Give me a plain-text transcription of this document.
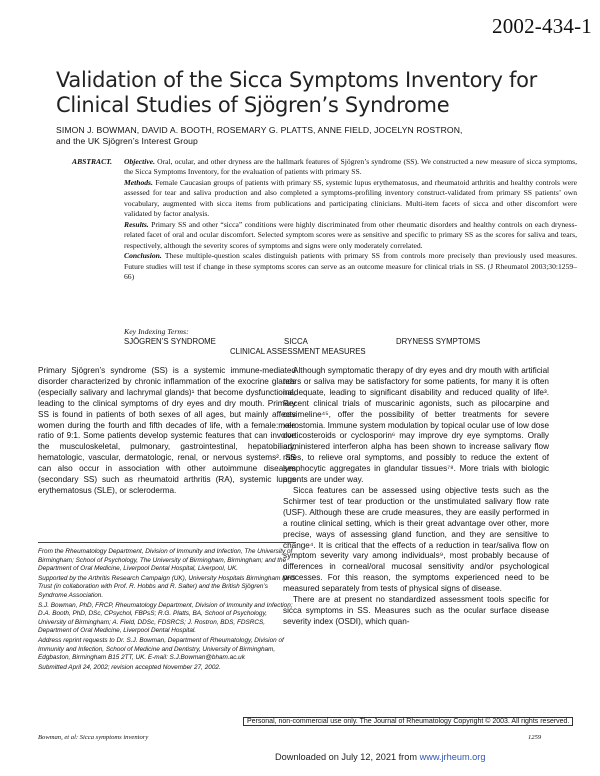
2002-434-1
Validation of the Sicca Symptoms Inventory for Clinical Studies of Sjögren’s Syndrome
SIMON J. BOWMAN, DAVID A. BOOTH, ROSEMARY G. PLATTS, ANNE FIELD, JOCELYN ROSTRON,
and the UK Sjögren’s Interest Group
ABSTRACT. Objective. Oral, ocular, and other dryness are the hallmark features of Sjögren’s syndrome (SS). We constructed a new measure of sicca symptoms, the Sicca Symptoms Inventory, for the evaluation of patients with primary SS.

Methods. Female Caucasian groups of patients with primary SS, systemic lupus erythematosus, and rheumatoid arthritis and healthy controls were assessed for tear and saliva production and also completed a symptoms-profiling inventory construct-validated from primary SS patients’ own vocabulary, augmented with sicca items from publications and participating clinicians. Multi-item facets of sicca and other discomfort were validated by factor analysis.

Results. Primary SS and other “sicca” conditions were highly discriminated from other rheumatic disorders and healthy controls on each dryness-related facet of oral and ocular discomfort. Selected symptom scores were as sensitive and specific to primary SS as the scores for saliva and tears, respectively, although the severity scores of symptoms and signs were only moderately correlated.

Conclusion. These multiple-question scales distinguish patients with primary SS from controls more precisely than previously used measures. Future studies will test if change in these symptoms scores can serve as an outcome measure for clinical trials in SS. (J Rheumatol 2003;30:1259–66)

Key Indexing Terms:
SJÖGREN’S SYNDROME	SICCA	DRYNESS SYMPTOMS
CLINICAL ASSESSMENT MEASURES

Primary Sjögren’s syndrome (SS) is a systemic immune-mediated disorder characterized by chronic inflammation of the exocrine glands (especially salivary and lachrymal glands)¹ that become dysfunctional, leading to the clinical symptoms of dry eyes and dry mouth. Primary SS is found in patients of both sexes of all ages, but mainly affects women during the fourth and fifth decades of life, with a female:male ratio of 9:1. Some patients develop systemic features that can involve the musculoskeletal, pulmonary, gastrointestinal, hepatobiliary, hematologic, vascular, dermatologic, renal, or nervous systems². SS can also occur in association with other autoimmune diseases (secondary SS) such as rheumatoid arthritis (RA), systemic lupus erythematosus (SLE), or scleroderma.

Although symptomatic therapy of dry eyes and dry mouth with artificial tears or saliva may be satisfactory for some patients, for many it is often inadequate, leading to significant disability and reduced quality of life³. Recent clinical trials of muscarinic agonists, such as pilocarpine and cevimeline⁴⁵, offer the possibility of better treatments for severe xerostomia. Immune system modulation by topical ocular use of low dose corticosteroids or cyclosporin⁶ may improve dry eye symptoms. Orally administered interferon alpha has been shown to increase salivary flow rates, to relieve oral symptoms, and possibly to reduce the extent of lymphocytic aggregates in glandular tissues⁷⁸. More trials with biologic agents are under way.

Sicca features can be assessed using objective tests such as the Schirmer test of tear production or the unstimulated salivary flow rate (USF). Although these are crude measures, they are easily performed in a routine clinical setting, which is their great advantage over other, more precise, ways of assessing gland function, and they are sensitive to change⁴. It is critical that the effects of a reduction in tear/saliva flow on symptom severity vary among individuals⁹, most probably because of differences in corneal/oral mucosal sensitivity and/or psychological processes. For this reason, the symptoms experienced need to be measured separately from tests of physical signs of disease.

There are at present no standardized assessment tools specific for sicca symptoms in SS. Measures such as the ocular surface disease severity index (OSDI), which quan-

From the Rheumatology Department, Division of Immunity and Infection, The University of Birmingham; School of Psychology, The University of Birmingham, Birmingham; and the Department of Oral Medicine, Liverpool Dental Hospital, Liverpool, UK.

Supported by the Arthritis Research Campaign (UK), University Hospitals Birmingham NHS Trust (in collaboration with Prof. R. Hobbs and R. Salter) and the British Sjögren’s Syndrome Association.

S.J. Bowman, PhD, FRCP, Rheumatology Department, Division of Immunity and Infection; D.A. Booth, PhD, DSc, CPsychol, FBPsS; R.G. Platts, BA, School of Psychology, University of Birmingham; A. Field, DDSc, FDSRCS; J. Rostron, BDS, FDSRCS, Department of Oral Medicine, Liverpool Dental Hospital.

Address reprint requests to Dr. S.J. Bowman, Department of Rheumatology, Division of Immunity and Infection, School of Medicine and Dentistry, University of Birmingham, Edgbaston, Birmingham B15 2TT, UK. E-mail: S.J.Bowman@bham.ac.uk

Submitted April 24, 2002; revision accepted November 27, 2002.

Personal, non-commercial use only. The Journal of Rheumatology Copyright © 2003. All rights reserved.
Bowman, et al: Sicca symptoms inventory	1259
Downloaded on July 12, 2021 from www.jrheum.org
